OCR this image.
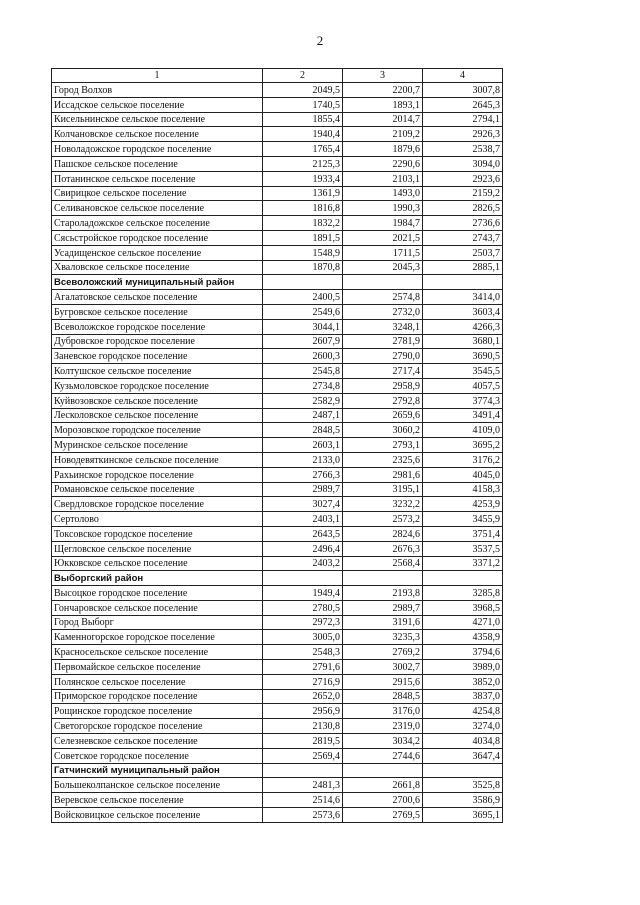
2
1	2	3	4
Город Волхов	2049,5	2200,7	3007,8
Иссадское сельское поселение	1740,5	1893,1	2645,3
Кисельнинское сельское поселение	1855,4	2014,7	2794,1
Колчановское сельское поселение	1940,4	2109,2	2926,3
Новоладожское городское поселение	1765,4	1879,6	2538,7
Пашское сельское поселение	2125,3	2290,6	3094,0
Потанинское сельское поселение	1933,4	2103,1	2923,6
Свирицкое сельское поселение	1361,9	1493,0	2159,2
Селивановское сельское поселение	1816,8	1990,3	2826,5
Староладожское сельское поселение	1832,2	1984,7	2736,6
Сясьстройское городское поселение	1891,5	2021,5	2743,7
Усадищенское сельское поселение	1548,9	1711,5	2503,7
Хваловское сельское поселение	1870,8	2045,3	2885,1
Всеволожский муниципальный район			
Агалатовское сельское поселение	2400,5	2574,8	3414,0
Бугровское сельское поселение	2549,6	2732,0	3603,4
Всеволожское городское поселение	3044,1	3248,1	4266,3
Дубровское городское поселение	2607,9	2781,9	3680,1
Заневское городское поселение	2600,3	2790,0	3690,5
Колтушское сельское поселение	2545,8	2717,4	3545,5
Кузьмоловское городское поселение	2734,8	2958,9	4057,5
Куйвозовское сельское поселение	2582,9	2792,8	3774,3
Лесколовское сельское поселение	2487,1	2659,6	3491,4
Морозовское городское поселение	2848,5	3060,2	4109,0
Муринское сельское поселение	2603,1	2793,1	3695,2
Новодевяткинское сельское поселение	2133,0	2325,6	3176,2
Рахьинское городское поселение	2766,3	2981,6	4045,0
Романовское сельское поселение	2989,7	3195,1	4158,3
Свердловское городское поселение	3027,4	3232,2	4253,9
Сертолово	2403,1	2573,2	3455,9
Токсовское городское поселение	2643,5	2824,6	3751,4
Щегловское сельское поселение	2496,4	2676,3	3537,5
Юкковское сельское поселение	2403,2	2568,4	3371,2
Выборгский район			
Высоцкое городское поселение	1949,4	2193,8	3285,8
Гончаровское сельское поселение	2780,5	2989,7	3968,5
Город Выборг	2972,3	3191,6	4271,0
Каменногорское городское поселение	3005,0	3235,3	4358,9
Красносельское сельское поселение	2548,3	2769,2	3794,6
Первомайское сельское поселение	2791,6	3002,7	3989,0
Полянское сельское поселение	2716,9	2915,6	3852,0
Приморское городское поселение	2652,0	2848,5	3837,0
Рощинское городское поселение	2956,9	3176,0	4254,8
Светогорское городское поселение	2130,8	2319,0	3274,0
Селезневское сельское поселение	2819,5	3034,2	4034,8
Советское городское поселение	2569,4	2744,6	3647,4
Гатчинский муниципальный район			
Большеколпанское сельское поселение	2481,3	2661,8	3525,8
Веревское сельское поселение	2514,6	2700,6	3586,9
Войсковицкое сельское поселение	2573,6	2769,5	3695,1
